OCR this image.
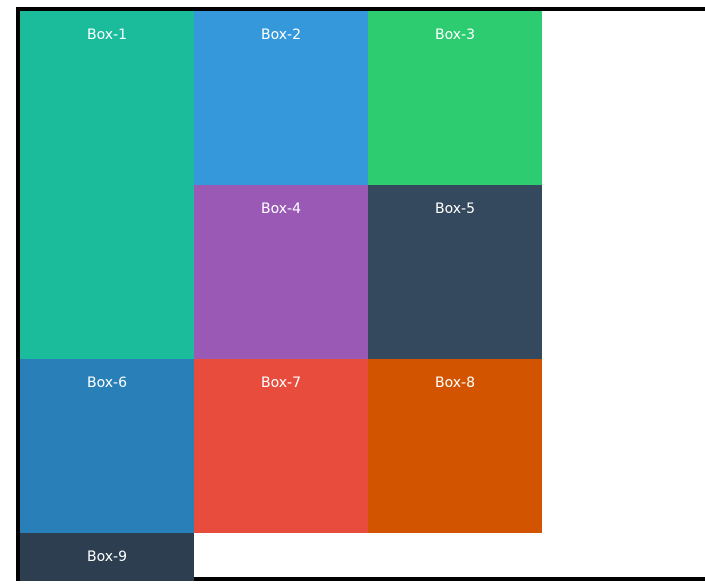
Box-1	Box-2	Box-3
Box-4	Box-5
Box-6	Box-7	Box-8
Box-9
